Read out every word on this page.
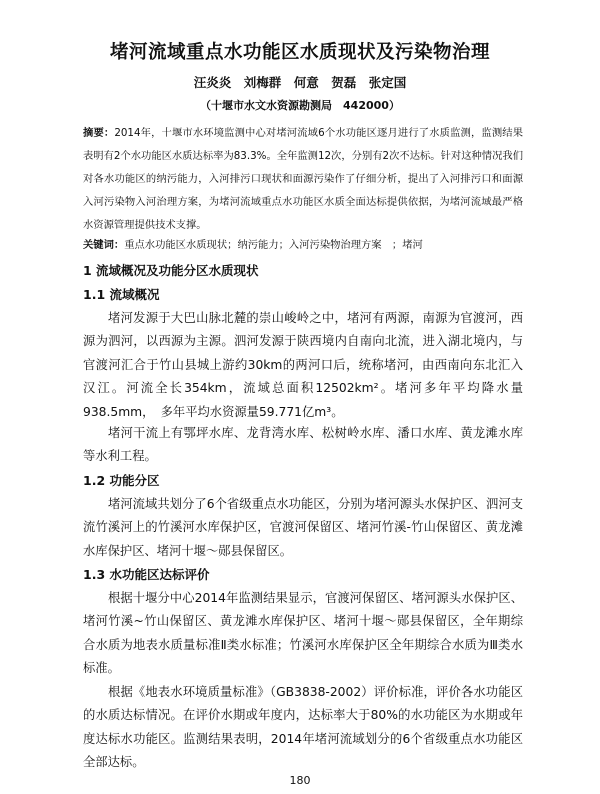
堵河流域重点水功能区水质现状及污染物治理
汪炎炎　刘梅群　何意　贺磊　张定国
（十堰市水文水资源勘测局　442000）
摘要：2014年，十堰市水环境监测中心对堵河流域6个水功能区逐月进行了水质监测，监测结果表明有2个水功能区水质达标率为83.3%。全年监测12次，分别有2次不达标。针对这种情况我们对各水功能区的纳污能力，入河排污口现状和面源污染作了仔细分析，提出了入河排污口和面源入河污染物入河治理方案，为堵河流域重点水功能区水质全面达标提供依据，为堵河流域最严格水资源管理提供技术支撑。
关键词：重点水功能区水质现状；纳污能力；入河污染物治理方案　；堵河
1 流域概况及功能分区水质现状
1.1 流域概况
堵河发源于大巴山脉北麓的崇山峻岭之中，堵河有两源，南源为官渡河，西源为泗河，以西源为主源。泗河发源于陕西境内自南向北流，进入湖北境内，与官渡河汇合于竹山县城上游约30km的两河口后，统称堵河，由西南向东北汇入汉江。河流全长354km，流域总面积12502km²。堵河多年平均降水量938.5mm，　多年平均水资源量59.771亿m³。
堵河干流上有鄂坪水库、龙背湾水库、松树岭水库、潘口水库、黄龙滩水库等水利工程。
1.2 功能分区
堵河流域共划分了6个省级重点水功能区，分别为堵河源头水保护区、泗河支流竹溪河上的竹溪河水库保护区，官渡河保留区、堵河竹溪-竹山保留区、黄龙滩水库保护区、堵河十堰～郧县保留区。
1.3 水功能区达标评价
根据十堰分中心2014年监测结果显示，官渡河保留区、堵河源头水保护区、堵河竹溪~竹山保留区、黄龙滩水库保护区、堵河十堰～郧县保留区，全年期综合水质为地表水质量标准Ⅱ类水标准；竹溪河水库保护区全年期综合水质为Ⅲ类水标准。
根据《地表水环境质量标准》（GB3838-2002）评价标准，评价各水功能区的水质达标情况。在评价水期或年度内，达标率大于80%的水功能区为水期或年度达标水功能区。监测结果表明，2014年堵河流域划分的6个省级重点水功能区全部达标。
180
